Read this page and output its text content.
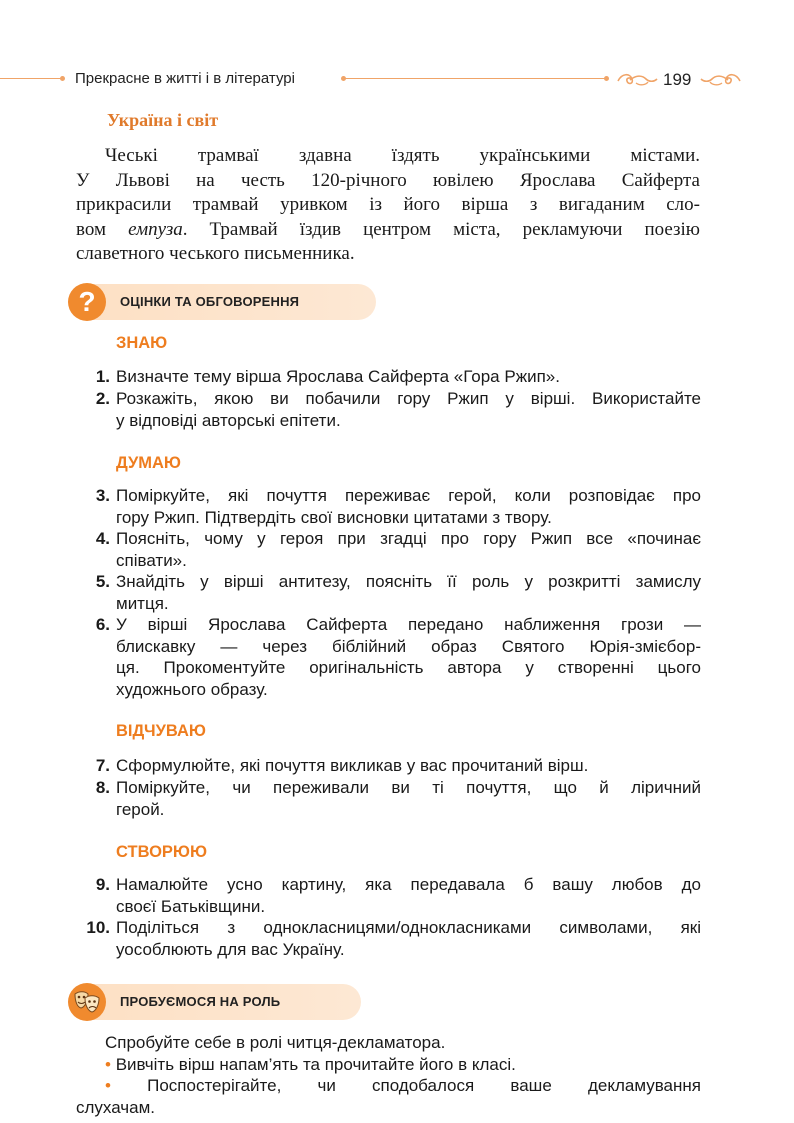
Прекрасне в житті і в літературі	199
Україна і світ
Чеські трамваї здавна їздять українськими містами.
У Львові на честь 120-річного ювілею Ярослава Сайферта
прикрасили трамвай уривком із його вірша з вигаданим сло-
вом емпуза. Трамвай їздив центром міста, рекламуючи поезію
славетного чеського письменника.
?	ОЦІНКИ ТА ОБГОВОРЕННЯ
ЗНАЮ
1. Визначте тему вірша Ярослава Сайферта «Гора Ржип».
2. Розкажіть, якою ви побачили гору Ржип у вірші. Використайте
у відповіді авторські епітети.
ДУМАЮ
3. Поміркуйте, які почуття переживає герой, коли розповідає про
гору Ржип. Підтвердіть свої висновки цитатами з твору.
4. Поясніть, чому у героя при згадці про гору Ржип все «починає
співати».
5. Знайдіть у вірші антитезу, поясніть її роль у розкритті замислу
митця.
6. У вірші Ярослава Сайферта передано наближення грози —
блискавку — через біблійний образ Святого Юрія-змієбор-
ця. Прокоментуйте оригінальність автора у створенні цього
художнього образу.
ВІДЧУВАЮ
7. Сформулюйте, які почуття викликав у вас прочитаний вірш.
8. Поміркуйте, чи переживали ви ті почуття, що й ліричний
герой.
СТВОРЮЮ
9. Намалюйте усно картину, яка передавала б вашу любов до
своєї Батьківщини.
10. Поділіться з однокласницями/однокласниками символами, які
уособлюють для вас Україну.
ПРОБУЄМОСЯ НА РОЛЬ
Спробуйте себе в ролі читця-декламатора.
• Вивчіть вірш напам’ять та прочитайте його в класі.
• Поспостерігайте, чи сподобалося ваше декламування
слухачам.
